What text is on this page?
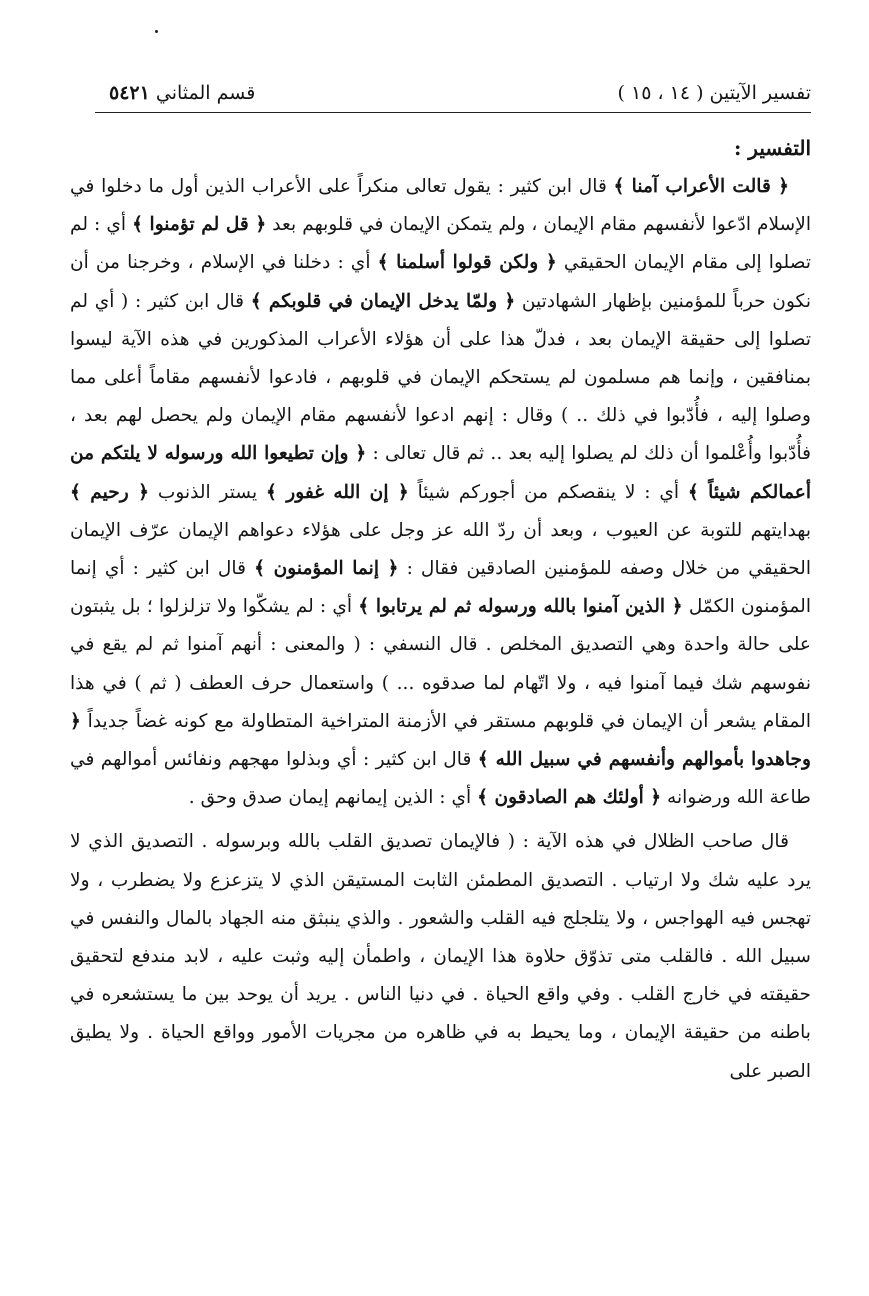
تفسير الآيتين ( ١٤ ، ١٥ )
قسم المثاني ٥٤٢١

التفسير :

﴿ قالت الأعراب آمنا ﴾ قال ابن كثير : يقول تعالى منكراً على الأعراب الذين أول ما دخلوا في الإسلام ادّعوا لأنفسهم مقام الإيمان ، ولم يتمكن الإيمان في قلوبهم بعد ﴿ قل لم تؤمنوا ﴾ أي : لم تصلوا إلى مقام الإيمان الحقيقي ﴿ ولكن قولوا أسلمنا ﴾ أي : دخلنا في الإسلام ، وخرجنا من أن نكون حرباً للمؤمنين بإظهار الشهادتين ﴿ ولمّا يدخل الإيمان في قلوبكم ﴾ قال ابن كثير : ( أي لم تصلوا إلى حقيقة الإيمان بعد ، فدلّ هذا على أن هؤلاء الأعراب المذكورين في هذه الآية ليسوا بمنافقين ، وإنما هم مسلمون لم يستحكم الإيمان في قلوبهم ، فادعوا لأنفسهم مقاماً أعلى مما وصلوا إليه ، فأُدّبوا في ذلك .. ) وقال : إنهم ادعوا لأنفسهم مقام الإيمان ولم يحصل لهم بعد ، فأُدّبوا وأُعْلموا أن ذلك لم يصلوا إليه بعد .. ثم قال تعالى : ﴿ وإن تطيعوا الله ورسوله لا يلتكم من أعمالكم شيئاً ﴾ أي : لا ينقصكم من أجوركم شيئاً ﴿ إن الله غفور ﴾ يستر الذنوب ﴿ رحيم ﴾ بهدايتهم للتوبة عن العيوب ، وبعد أن ردّ الله عز وجل على هؤلاء دعواهم الإيمان عرّف الإيمان الحقيقي من خلال وصفه للمؤمنين الصادقين فقال : ﴿ إنما المؤمنون ﴾ قال ابن كثير : أي إنما المؤمنون الكمّل ﴿ الذين آمنوا بالله ورسوله ثم لم يرتابوا ﴾ أي : لم يشكّوا ولا تزلزلوا ؛ بل يثبتون على حالة واحدة وهي التصديق المخلص . قال النسفي : ( والمعنى : أنهم آمنوا ثم لم يقع في نفوسهم شك فيما آمنوا فيه ، ولا اتّهام لما صدقوه ... ) واستعمال حرف العطف ( ثم ) في هذا المقام يشعر أن الإيمان في قلوبهم مستقر في الأزمنة المتراخية المتطاولة مع كونه غضاً جديداً ﴿ وجاهدوا بأموالهم وأنفسهم في سبيل الله ﴾ قال ابن كثير : أي وبذلوا مهجهم ونفائس أموالهم في طاعة الله ورضوانه ﴿ أولئك هم الصادقون ﴾ أي : الذين إيمانهم إيمان صدق وحق .

قال صاحب الظلال في هذه الآية : ( فالإيمان تصديق القلب بالله وبرسوله . التصديق الذي لا يرد عليه شك ولا ارتياب . التصديق المطمئن الثابت المستيقن الذي لا يتزعزع ولا يضطرب ، ولا تهجس فيه الهواجس ، ولا يتلجلج فيه القلب والشعور . والذي ينبثق منه الجهاد بالمال والنفس في سبيل الله . فالقلب متى تذوّق حلاوة هذا الإيمان ، واطمأن إليه وثبت عليه ، لابد مندفع لتحقيق حقيقته في خارج القلب . وفي واقع الحياة . في دنيا الناس . يريد أن يوحد بين ما يستشعره في باطنه من حقيقة الإيمان ، وما يحيط به في ظاهره من مجريات الأمور وواقع الحياة . ولا يطيق الصبر على
